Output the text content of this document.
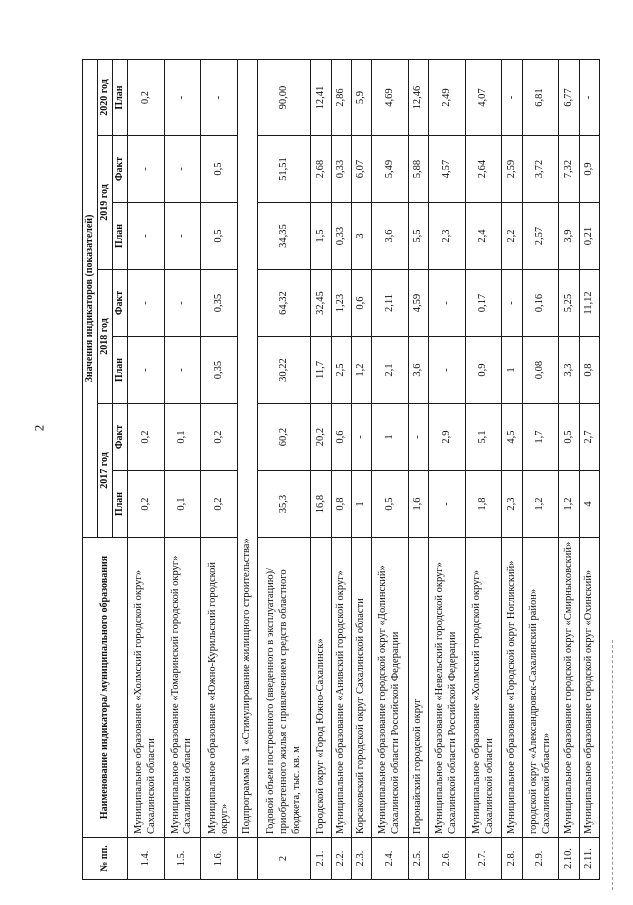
2
№ пп.	Наименование индикатора/ муниципального образования	Значения индикаторов (показателей)						
		2017 год		2018 год		2019 год		2020 год
		План	Факт	План	Факт	План	Факт	План
1.4.	Муниципальное образование «Холмский городской округ» Сахалинской области	0,2	0,2	-	-	-	-	0,2
1.5.	Муниципальное образование «Томаринский городской округ» Сахалинской области	0,1	0,1	-	-	-	-	-
1.6.	Муниципальное образование «Южно-Курильский городской округ»	0,2	0,2	0,35	0,35	0,5	0,5	-
	Подпрограмма № 1 «Стимулирование жилищного строительства»							
2	Годовой объем построенного (введенного в эксплуатацию)/приобретенного жилья с привлечением средств областного бюджета, тыс. кв. м	35,3	60,2	30,22	64,32	34,35	51,51	90,00
2.1.	Городской округ «Город Южно-Сахалинск»	16,8	20,2	11,7	32,45	1,5	2,68	12,41
2.2.	Муниципальное образование «Анивский городской округ»	0,8	0,6	2,5	1,23	0,33	0,33	2,86
2.3.	Корсаковский городской округ Сахалинской области	1	-	1,2	0,6	3	6,07	5,9
2.4.	Муниципальное образование городской округ «Долинский» Сахалинской области Российской Федерации	0,5	1	2,1	2,11	3,6	5,49	4,69
2.5.	Поронайский городской округ	1,6	-	3,6	4,59	5,5	5,88	12,46
2.6.	Муниципальное образование «Невельский городской округ» Сахалинской области Российской Федерации	-	2,9	-	-	2,3	4,57	2,49
2.7.	Муниципальное образование «Холмский городской округ» Сахалинской области	1,8	5,1	0,9	0,17	2,4	2,64	4,07
2.8.	Муниципальное образование «Городской округ Ногликский»	2,3	4,5	1	-	2,2	2,59	-
2.9.	городской округ «Александровск-Сахалинский район» Сахалинской области»	1,2	1,7	0,08	0,16	2,57	3,72	6,81
2.10.	Муниципальное образование городской округ «Смирныховский»	1,2	0,5	3,3	5,25	3,9	7,32	6,77
2.11.	Муниципальное образование городской округ «Охинский»	4	2,7	0,8	11,12	0,21	0,9	-
